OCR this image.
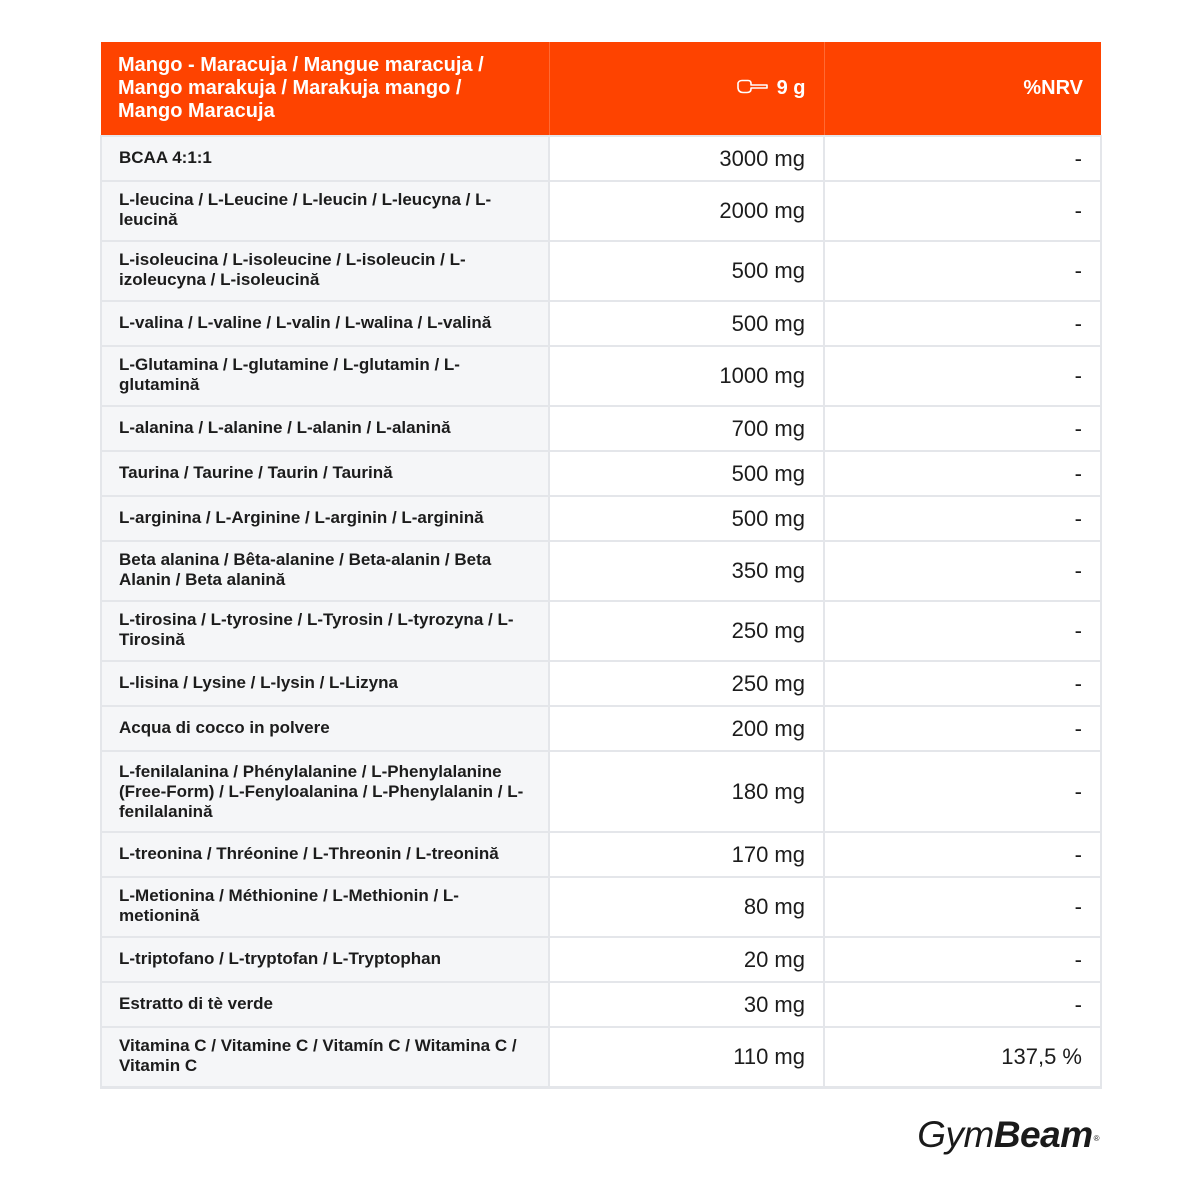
Mango - Maracuja / Mangue maracuja / Mango marakuja / Marakuja mango / Mango Maracuja	9 g	%NRV
BCAA 4:1:1	3000 mg	-
L-leucina / L-Leucine / L-leucin / L-leucyna / L-leucină	2000 mg	-
L-isoleucina / L-isoleucine / L-isoleucin / L-izoleucyna / L-isoleucină	500 mg	-
L-valina / L-valine / L-valin / L-walina / L-valină	500 mg	-
L-Glutamina / L-glutamine / L-glutamin / L-glutamină	1000 mg	-
L-alanina / L-alanine / L-alanin / L-alanină	700 mg	-
Taurina / Taurine / Taurin / Taurină	500 mg	-
L-arginina / L-Arginine / L-arginin / L-arginină	500 mg	-
Beta alanina / Bêta-alanine / Beta-alanin / Beta Alanin / Beta alanină	350 mg	-
L-tirosina / L-tyrosine / L-Tyrosin / L-tyrozyna / L-Tirosină	250 mg	-
L-lisina / Lysine / L-lysin / L-Lizyna	250 mg	-
Acqua di cocco in polvere	200 mg	-
L-fenilalanina / Phénylalanine / L-Phenylalanine (Free-Form) / L-Fenyloalanina / L-Phenylalanin / L-fenilalanină	180 mg	-
L-treonina / Thréonine / L-Threonin / L-treonină	170 mg	-
L-Metionina / Méthionine / L-Methionin / L-metionină	80 mg	-
L-triptofano / L-tryptofan / L-Tryptophan	20 mg	-
Estratto di tè verde	30 mg	-
Vitamina C / Vitamine C / Vitamín C / Witamina C / Vitamin C	110 mg	137,5 %
GymBeam®
